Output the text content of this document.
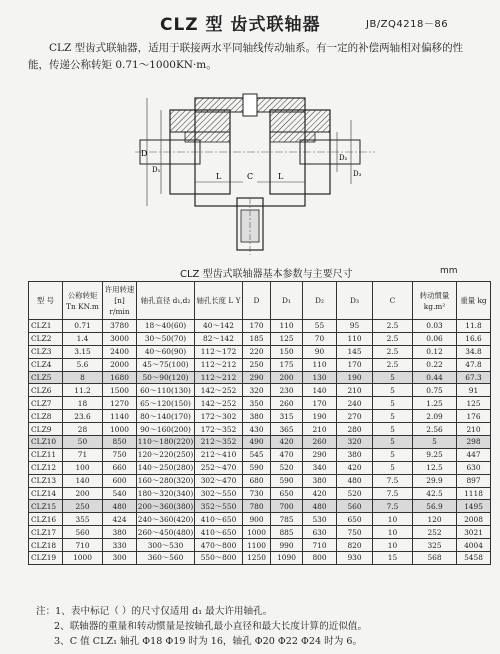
CLZ 型 齿式联轴器	JB/ZQ4218－86
CLZ 型齿式联轴器，适用于联接两水平同轴线传动轴系。有一定的补偿两轴相对偏移的性能，传递公称转矩 0.71～1000KN·m。
D
D₁
D₂
D₃
L	L
C
CLZ 型齿式联轴器基本参数与主要尺寸	mm
型 号	公称转矩 Tn KN.m	许用转速 [n] r/min	轴孔直径 d₁,d₂	轴孔长度 L Y	D	D₁	D₂	D₃	C	转动惯量 kg.m²	重量 kg
CLZ1	0.71	3780	18～40(60)	40～142	170	110	55	95	2.5	0.03	11.8
CLZ2	1.4	3000	30～50(70)	82～142	185	125	70	110	2.5	0.06	16.6
CLZ3	3.15	2400	40～60(90)	112～172	220	150	90	145	2.5	0.12	34.8
CLZ4	5.6	2000	45～75(100)	112～212	250	175	110	170	2.5	0.22	47.8
CLZ5	8	1680	50～90(120)	112～212	290	200	130	190	5	0.44	67.3
CLZ6	11.2	1500	60～110(130)	142～252	320	230	140	210	5	0.75	91
CLZ7	18	1270	65～120(150)	142～252	350	260	170	240	5	1.25	125
CLZ8	23.6	1140	80～140(170)	172～302	380	315	190	270	5	2.09	176
CLZ9	28	1000	90～160(200)	172～352	430	365	210	280	5	2.56	210
CLZ10	50	850	110～180(220)	212～352	490	420	260	320	5	5	298
CLZ11	71	750	120～220(250)	212～410	545	470	290	380	5	9.25	447
CLZ12	100	660	140～250(280)	252～470	590	520	340	420	5	12.5	630
CLZ13	140	600	160～280(320)	302～470	680	590	380	480	7.5	29.9	897
CLZ14	200	540	180～320(340)	302～550	730	650	420	520	7.5	42.5	1118
CLZ15	250	480	200～360(380)	352～550	780	700	480	560	7.5	56.9	1495
CLZ16	355	424	240～360(420)	410～650	900	785	530	650	10	120	2008
CLZ17	560	380	260～450(480)	410～650	1000	885	630	750	10	252	3021
CLZ18	710	330	300～530	470～800	1100	990	710	820	10	325	4004
CLZ19	1000	300	360～560	550～800	1250	1090	800	930	15	568	5458
注：1、表中标记（ ）的尺寸仅适用 d₁ 最大许用轴孔。
2、联轴器的重量和转动惯量是按轴孔最小直径和最大长度计算的近似值。
3、C 值 CLZ₁ 轴孔 Φ18 Φ19 时为 16，轴孔 Φ20 Φ22 Φ24 时为 6。
